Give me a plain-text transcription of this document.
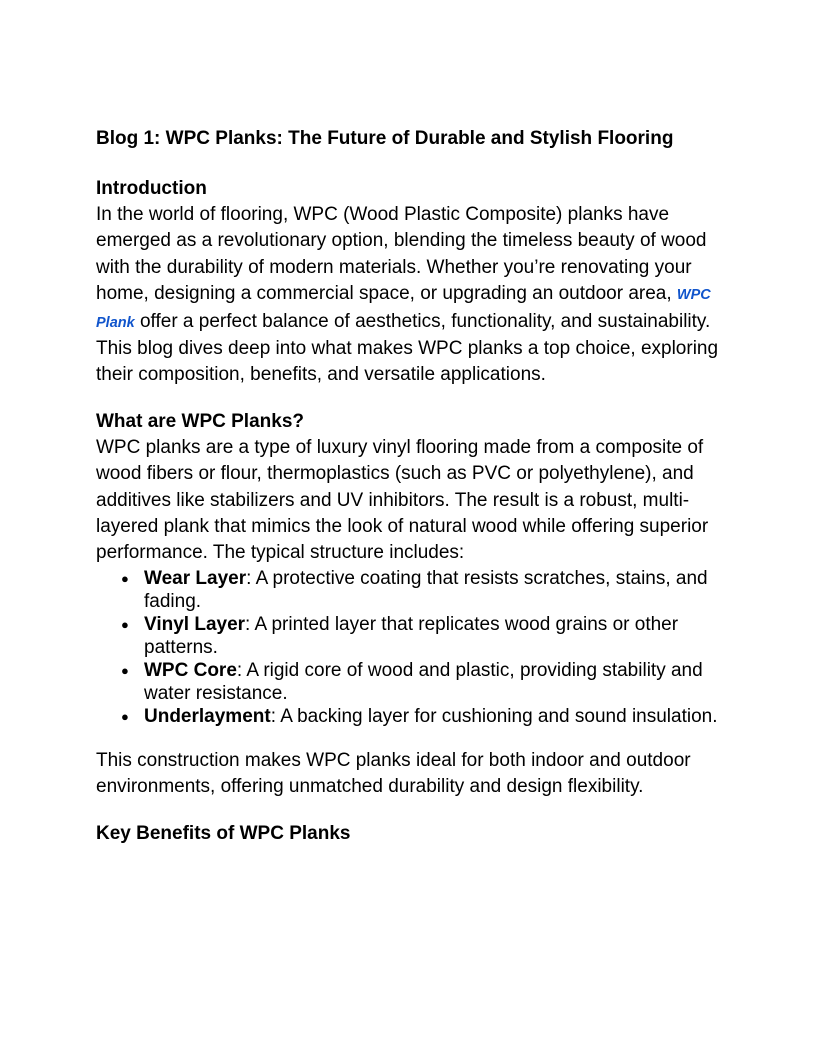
Blog 1: WPC Planks: The Future of Durable and Stylish Flooring
Introduction

In the world of flooring, WPC (Wood Plastic Composite) planks have emerged as a revolutionary option, blending the timeless beauty of wood with the durability of modern materials. Whether you’re renovating your home, designing a commercial space, or upgrading an outdoor area, WPC Plank offer a perfect balance of aesthetics, functionality, and sustainability. This blog dives deep into what makes WPC planks a top choice, exploring their composition, benefits, and versatile applications.

What are WPC Planks?

WPC planks are a type of luxury vinyl flooring made from a composite of wood fibers or flour, thermoplastics (such as PVC or polyethylene), and additives like stabilizers and UV inhibitors. The result is a robust, multi-layered plank that mimics the look of natural wood while offering superior performance. The typical structure includes:

● Wear Layer: A protective coating that resists scratches, stains, and fading.
● Vinyl Layer: A printed layer that replicates wood grains or other patterns.
● WPC Core: A rigid core of wood and plastic, providing stability and water resistance.
● Underlayment: A backing layer for cushioning and sound insulation.

This construction makes WPC planks ideal for both indoor and outdoor environments, offering unmatched durability and design flexibility.

Key Benefits of WPC Planks
